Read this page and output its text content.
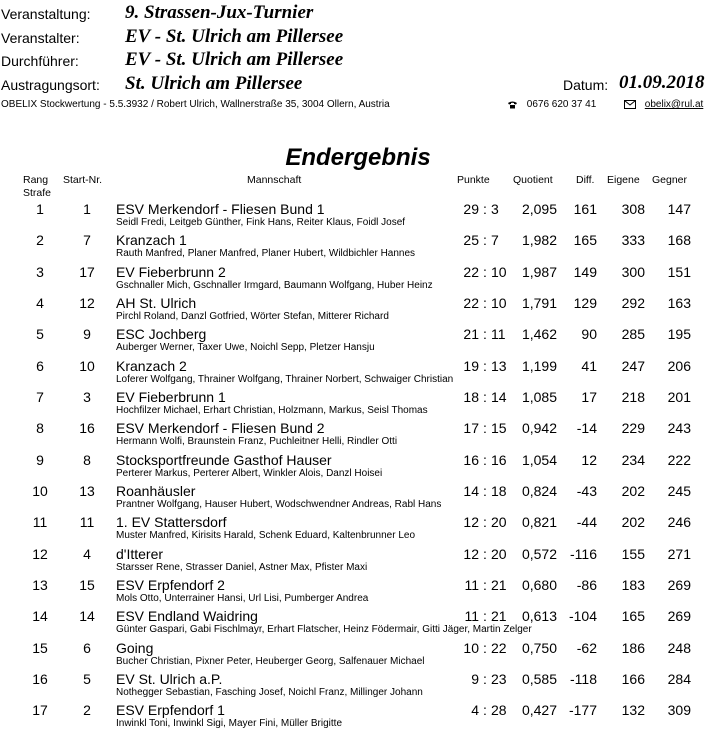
Veranstaltung: 9. Strassen-Jux-Turnier
Veranstalter: EV - St. Ulrich am Pillersee
Durchführer: EV - St. Ulrich am Pillersee
Austragungsort: St. Ulrich am Pillersee	Datum: 01.09.2018
OBELIX Stockwertung - 5.5.3932 / Robert Ulrich, Wallnerstraße 35, 3004 Ollern, Austria	0676 620 37 41	obelix@rul.at
Endergebnis
Rang
Strafe
Start-Nr.	Mannschaft	Punkte Quotient Diff. Eigene Gegner
1	1	ESV Merkendorf - Fliesen Bund 1	29 : 3	2,095	161	308	147
Seidl Fredi, Leitgeb Günther, Fink Hans, Reiter Klaus, Foidl Josef
2	7	Kranzach 1	25 : 7	1,982	165	333	168
Rauth Manfred, Planer Manfred, Planer Hubert, Wildbichler Hannes
3	17	EV Fieberbrunn 2	22 : 10	1,987	149	300	151
Gschnaller Mich, Gschnaller Irmgard, Baumann Wolfgang, Huber Heinz
4	12	AH St. Ulrich	22 : 10	1,791	129	292	163
Pirchl Roland, Danzl Gotfried, Wörter Stefan, Mitterer Richard
5	9	ESC Jochberg	21 : 11	1,462	90	285	195
Auberger Werner, Taxer Uwe, Noichl Sepp, Pletzer Hansju
6	10	Kranzach 2	19 : 13	1,199	41	247	206
Loferer Wolfgang, Thrainer Wolfgang, Thrainer Norbert, Schwaiger Christian
7	3	EV Fieberbrunn 1	18 : 14	1,085	17	218	201
Hochfilzer Michael, Erhart Christian, Holzmann, Markus, Seisl Thomas
8	16	ESV Merkendorf - Fliesen Bund 2	17 : 15	0,942	-14	229	243
Hermann Wolfi, Braunstein Franz, Puchleitner Helli, Rindler Otti
9	8	Stocksportfreunde Gasthof Hauser	16 : 16	1,054	12	234	222
Perterer Markus, Perterer Albert, Winkler Alois, Danzl Hoisei
10	13	Roanhäusler	14 : 18	0,824	-43	202	245
Prantner Wolfgang, Hauser Hubert, Wodschwendner Andreas, Rabl Hans
11	11	1. EV Stattersdorf	12 : 20	0,821	-44	202	246
Muster Manfred, Kirisits Harald, Schenk Eduard, Kaltenbrunner Leo
12	4	d'Itterer	12 : 20	0,572 -116	155	271
Starsser Rene, Strasser Daniel, Astner Max, Pfister Maxi
13	15	ESV Erpfendorf 2	11 : 21	0,680	-86	183	269
Mols Otto, Unterrainer Hansi, Url Lisi, Pumberger Andrea
14	14	ESV Endland Waidring	11 : 21	0,613 -104	165	269
Günter Gaspari, Gabi Fischlmayr, Erhart Flatscher, Heinz Födermair, Gitti Jäger, Martin Zelger
15	6	Going	10 : 22	0,750	-62	186	248
Bucher Christian, Pixner Peter, Heuberger Georg, Salfenauer Michael
16	5	EV St. Ulrich a.P.	9 : 23	0,585 -118	166	284
Nothegger Sebastian, Fasching Josef, Noichl Franz, Millinger Johann
17	2	ESV Erpfendorf 1	4 : 28	0,427 -177	132	309
Inwinkl Toni, Inwinkl Sigi, Mayer Fini, Müller Brigitte
